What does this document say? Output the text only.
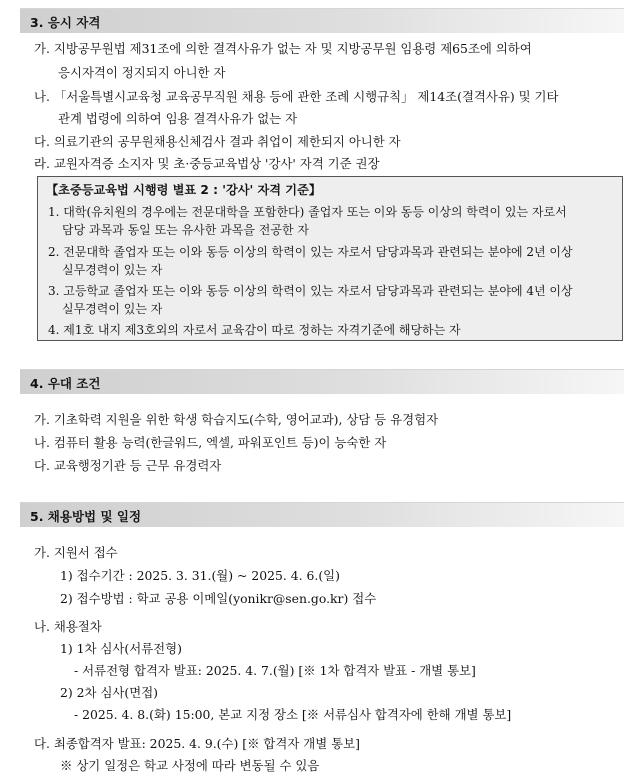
3. 응시 자격
가. 지방공무원법 제31조에 의한 결격사유가 없는 자 및 지방공무원 임용령 제65조에 의하여
응시자격이 정지되지 아니한 자
나. 「서울특별시교육청 교육공무직원 채용 등에 관한 조례 시행규칙」 제14조(결격사유) 및 기타
관계 법령에 의하여 임용 결격사유가 없는 자
다. 의료기관의 공무원채용신체검사 결과 취업이 제한되지 아니한 자
라. 교원자격증 소지자 및 초·중등교육법상 '강사' 자격 기준 권장
【초중등교육법 시행령 별표 2 : '강사' 자격 기준】
1. 대학(유치원의 경우에는 전문대학을 포함한다) 졸업자 또는 이와 동등 이상의 학력이 있는 자로서
담당 과목과 동일 또는 유사한 과목을 전공한 자
2. 전문대학 졸업자 또는 이와 동등 이상의 학력이 있는 자로서 담당과목과 관련되는 분야에 2년 이상
실무경력이 있는 자
3. 고등학교 졸업자 또는 이와 동등 이상의 학력이 있는 자로서 담당과목과 관련되는 분야에 4년 이상
실무경력이 있는 자
4. 제1호 내지 제3호외의 자로서 교육감이 따로 정하는 자격기준에 해당하는 자
4. 우대 조건
가. 기초학력 지원을 위한 학생 학습지도(수학, 영어교과), 상담 등 유경험자
나. 컴퓨터 활용 능력(한글워드, 엑셀, 파워포인트 등)이 능숙한 자
다. 교육행정기관 등 근무 유경력자
5. 채용방법 및 일정
가. 지원서 접수
1) 접수기간 : 2025. 3. 31.(월) ~ 2025. 4. 6.(일)
2) 접수방법 : 학교 공용 이메일(yonikr@sen.go.kr) 접수
나. 채용절차
1) 1차 심사(서류전형)
- 서류전형 합격자 발표: 2025. 4. 7.(월) [※ 1차 합격자 발표 - 개별 통보]
2) 2차 심사(면접)
- 2025. 4. 8.(화) 15:00, 본교 지정 장소 [※ 서류심사 합격자에 한해 개별 통보]
다. 최종합격자 발표: 2025. 4. 9.(수) [※ 합격자 개별 통보]
※ 상기 일정은 학교 사정에 따라 변동될 수 있음
